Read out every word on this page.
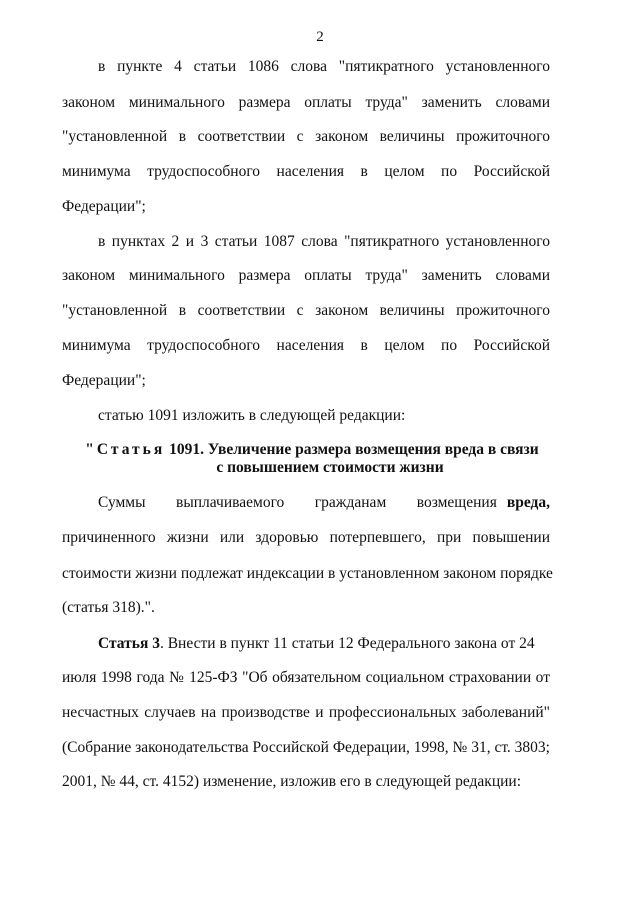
2
в пункте 4 статьи 1086 слова "пятикратного установленного
законом минимального размера оплаты труда" заменить словами
"установленной в соответствии с законом величины прожиточного
минимума трудоспособного населения в целом по Российской
Федерации";
в пунктах 2 и 3 статьи 1087 слова "пятикратного установленного
законом минимального размера оплаты труда" заменить словами
"установленной в соответствии с законом величины прожиточного
минимума трудоспособного населения в целом по Российской
Федерации";
статью 1091 изложить в следующей редакции:
"Статья 1091. Увеличение размера возмещения вреда в связи
с повышением стоимости жизни
Суммы выплачиваемого гражданам возмещения вреда,
причиненного жизни или здоровью потерпевшего, при повышении
стоимости жизни подлежат индексации в установленном законом порядке
(статья 318).".
Статья 3. Внести в пункт 11 статьи 12 Федерального закона от 24
июля 1998 года № 125-ФЗ "Об обязательном социальном страховании от
несчастных случаев на производстве и профессиональных заболеваний"
(Собрание законодательства Российской Федерации, 1998, № 31, ст. 3803;
2001, № 44, ст. 4152) изменение, изложив его в следующей редакции:
